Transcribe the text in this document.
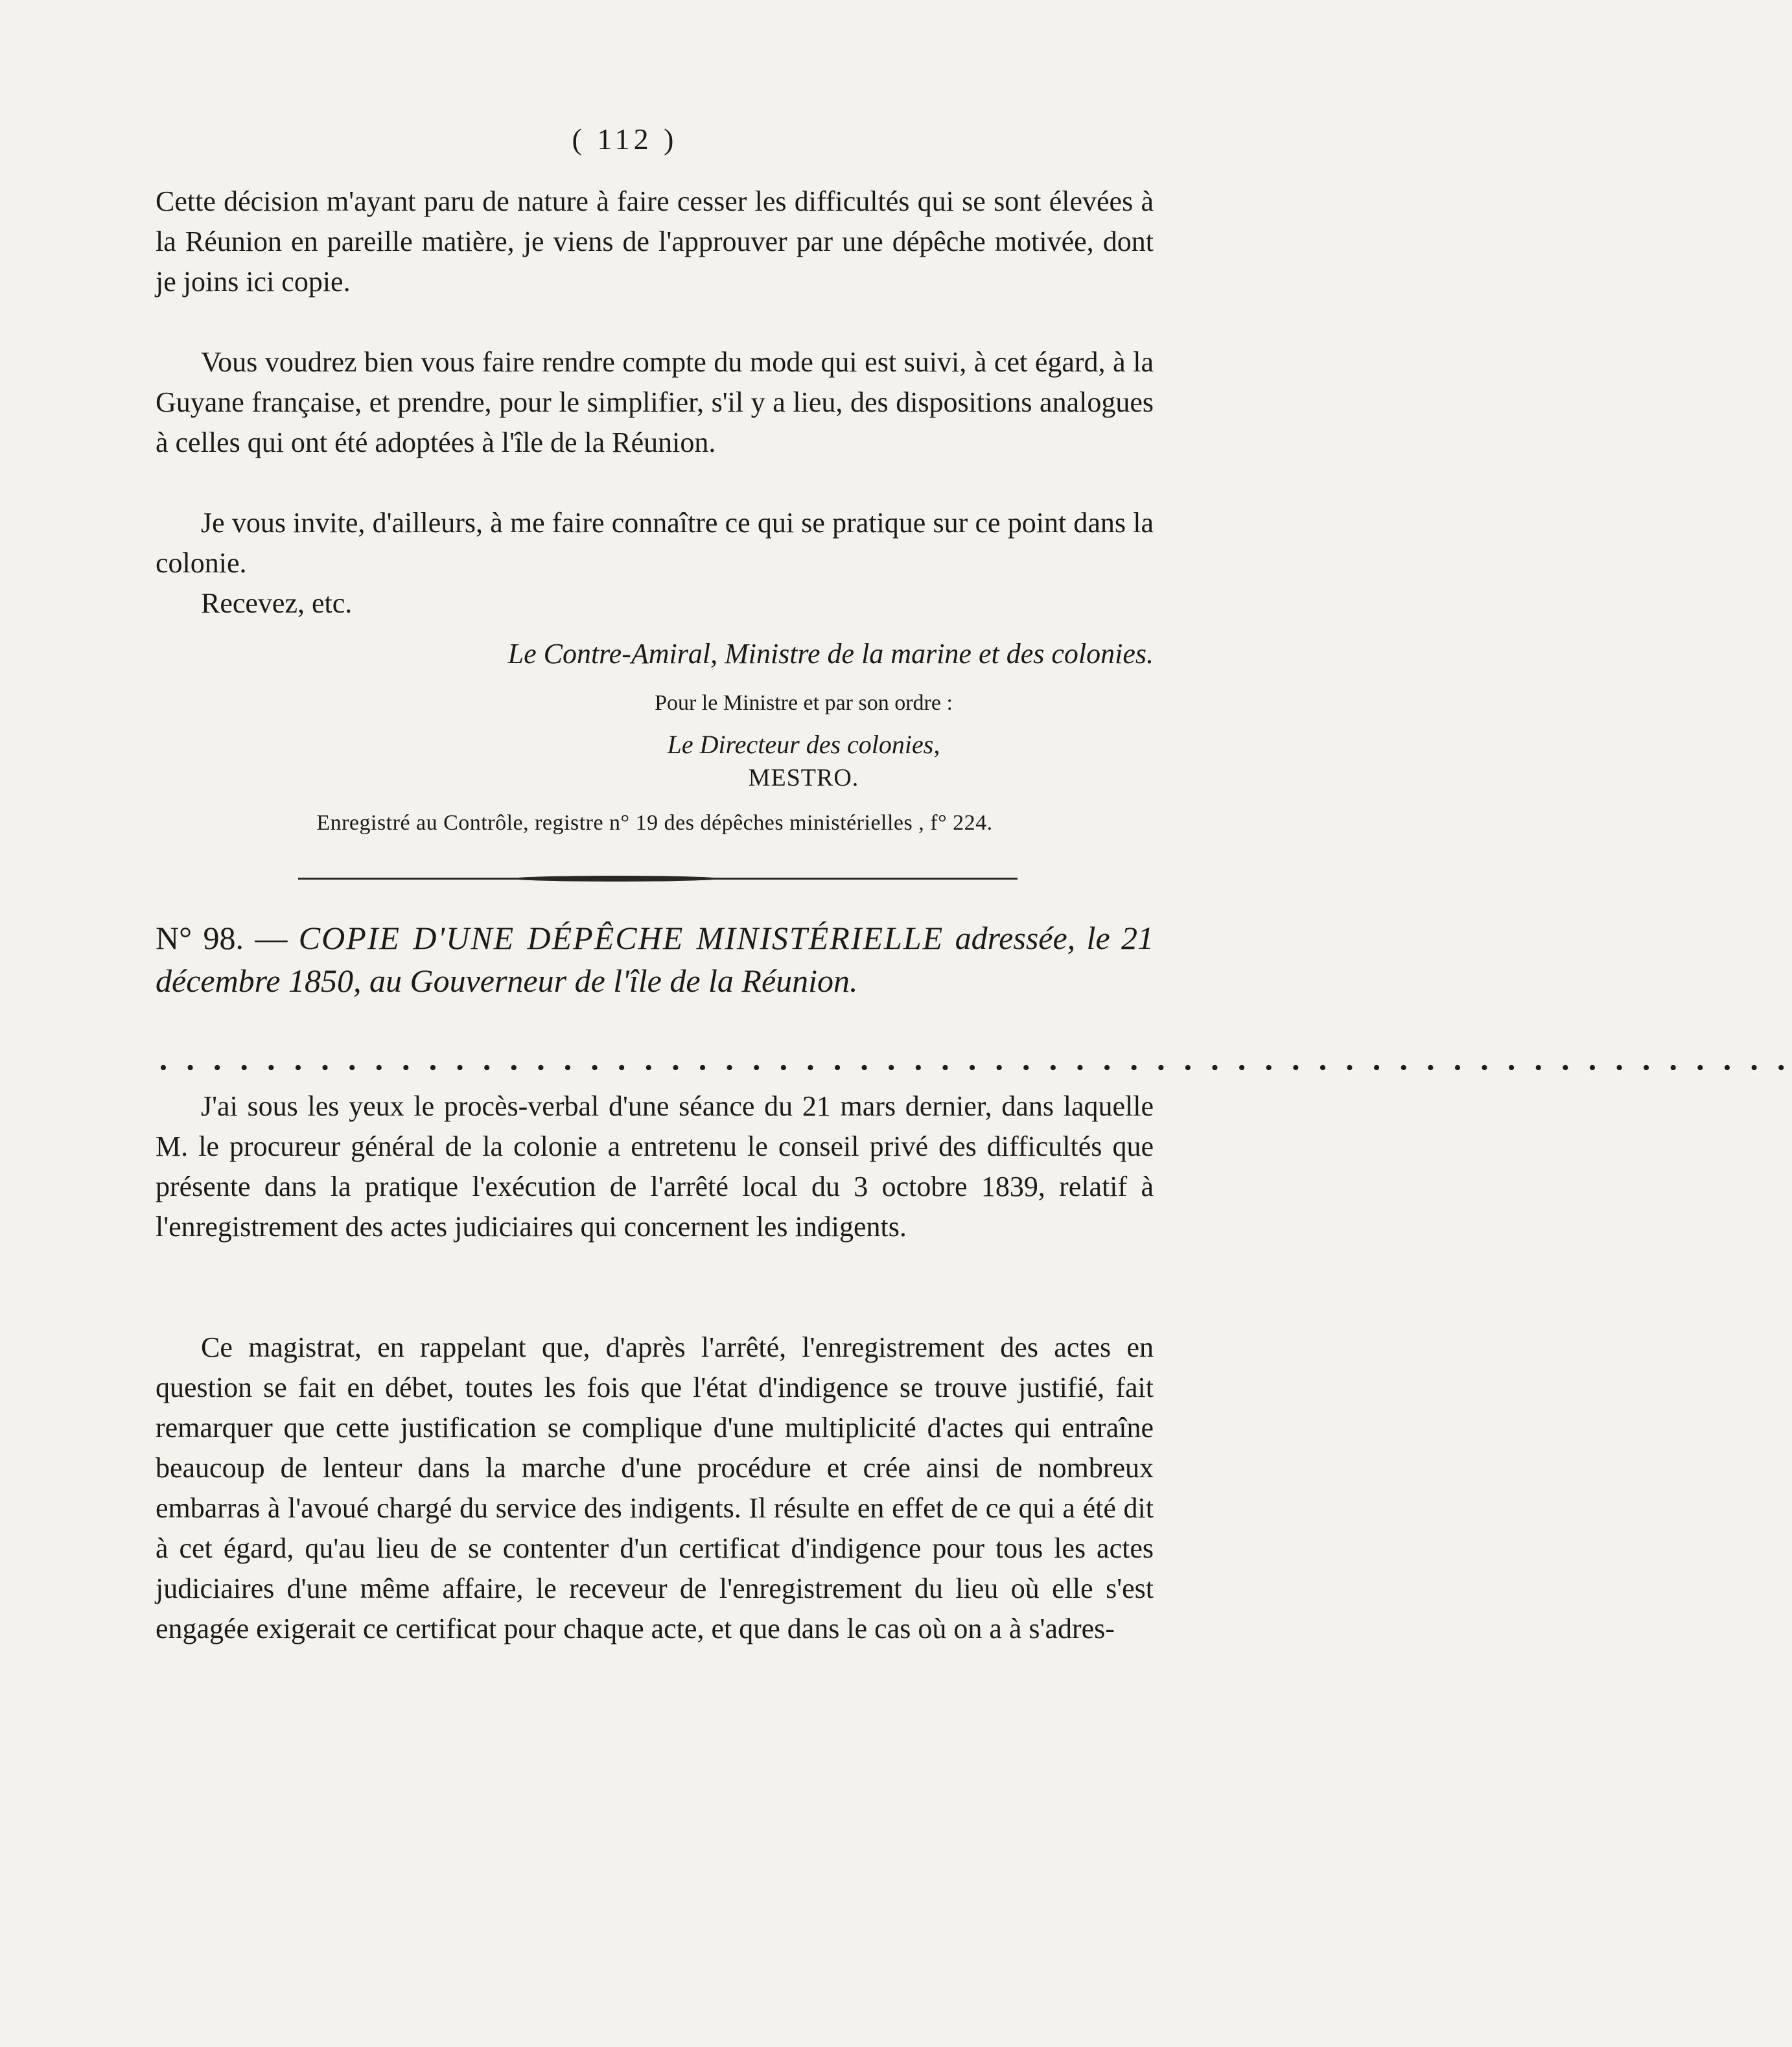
( 112 )

Cette décision m'ayant paru de nature à faire cesser les difficultés qui se sont élevées à la Réunion en pareille matière, je viens de l'approuver par une dépêche motivée, dont je joins ici copie.

Vous voudrez bien vous faire rendre compte du mode qui est suivi, à cet égard, à la Guyane française, et prendre, pour le simplifier, s'il y a lieu, des dispositions analogues à celles qui ont été adoptées à l'île de la Réunion.

Je vous invite, d'ailleurs, à me faire connaître ce qui se pratique sur ce point dans la colonie.

Recevez, etc.

Le Contre-Amiral, Ministre de la marine et des colonies.
Pour le Ministre et par son ordre :
Le Directeur des colonies,
MESTRO.
Enregistré au Contrôle, registre n° 19 des dépêches ministérielles , f° 224.
N° 98. — COPIE D'UNE DÉPÊCHE MINISTÉRIELLE adressée, le 21 décembre 1850, au Gouverneur de l'île de la Réunion.
• • • • • • • • • • • • • • • • • • • • • • • • • • • • • • • • • • • • • • • • • • • • • • • • • • • • • • • • • • • • •

J'ai sous les yeux le procès-verbal d'une séance du 21 mars dernier, dans laquelle M. le procureur général de la colonie a entretenu le conseil privé des difficultés que présente dans la pratique l'exécution de l'arrêté local du 3 octobre 1839, relatif à l'enregistrement des actes judiciaires qui concernent les indigents.

Ce magistrat, en rappelant que, d'après l'arrêté, l'enregistrement des actes en question se fait en débet, toutes les fois que l'état d'indigence se trouve justifié, fait remarquer que cette justification se complique d'une multiplicité d'actes qui entraîne beaucoup de lenteur dans la marche d'une procédure et crée ainsi de nombreux embarras à l'avoué chargé du service des indigents. Il résulte en effet de ce qui a été dit à cet égard, qu'au lieu de se contenter d'un certificat d'indigence pour tous les actes judiciaires d'une même affaire, le receveur de l'enregistrement du lieu où elle s'est engagée exigerait ce certificat pour chaque acte, et que dans le cas où on a à s'adres-
